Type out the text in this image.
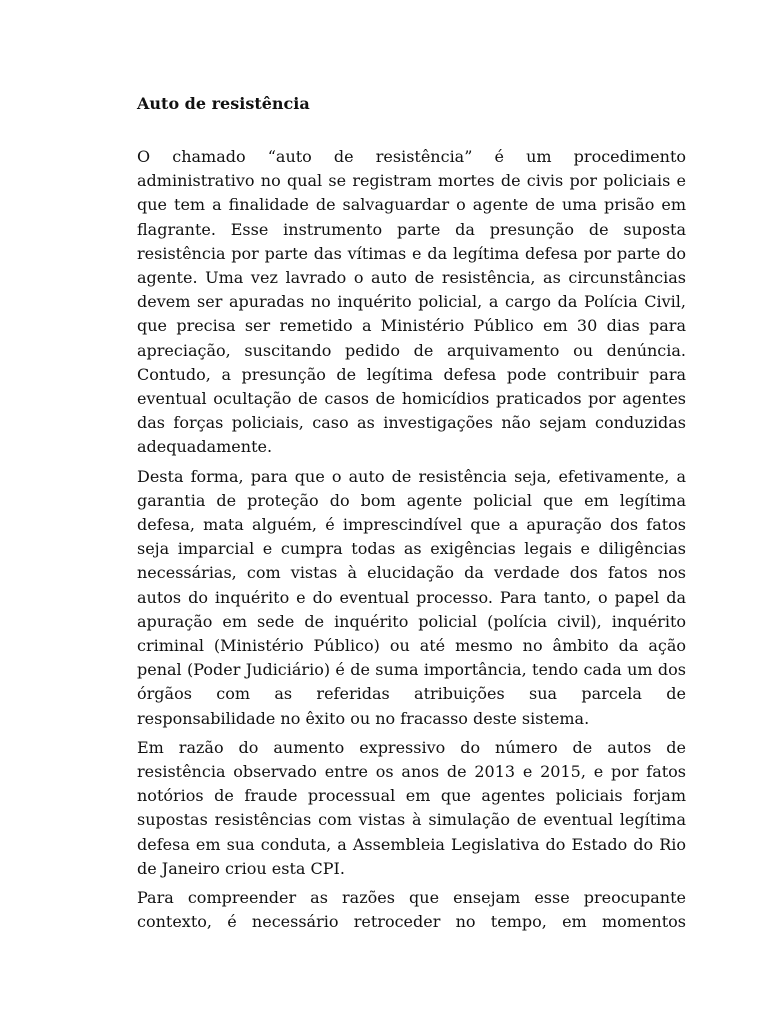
Auto de resistência

O chamado “auto de resistência” é um procedimento administrativo no qual se registram mortes de civis por policiais e que tem a finalidade de salvaguardar o agente de uma prisão em flagrante. Esse instrumento parte da presunção de suposta resistência por parte das vítimas e da legítima defesa por parte do agente. Uma vez lavrado o auto de resistência, as circunstâncias devem ser apuradas no inquérito policial, a cargo da Polícia Civil, que precisa ser remetido a Ministério Público em 30 dias para apreciação, suscitando pedido de arquivamento ou denúncia. Contudo, a presunção de legítima defesa pode contribuir para eventual ocultação de casos de homicídios praticados por agentes das forças policiais, caso as investigações não sejam conduzidas adequadamente.

Desta forma, para que o auto de resistência seja, efetivamente, a garantia de proteção do bom agente policial que em legítima defesa, mata alguém, é imprescindível que a apuração dos fatos seja imparcial e cumpra todas as exigências legais e diligências necessárias, com vistas à elucidação da verdade dos fatos nos autos do inquérito e do eventual processo. Para tanto, o papel da apuração em sede de inquérito policial (polícia civil), inquérito criminal (Ministério Público) ou até mesmo no âmbito da ação penal (Poder Judiciário) é de suma importância, tendo cada um dos órgãos com as referidas atribuições sua parcela de responsabilidade no êxito ou no fracasso deste sistema.

Em razão do aumento expressivo do número de autos de resistência observado entre os anos de 2013 e 2015, e por fatos notórios de fraude processual em que agentes policiais forjam supostas resistências com vistas à simulação de eventual legítima defesa em sua conduta, a Assembleia Legislativa do Estado do Rio de Janeiro criou esta CPI.

Para compreender as razões que ensejam esse preocupante contexto, é necessário retroceder no tempo, em momentos
